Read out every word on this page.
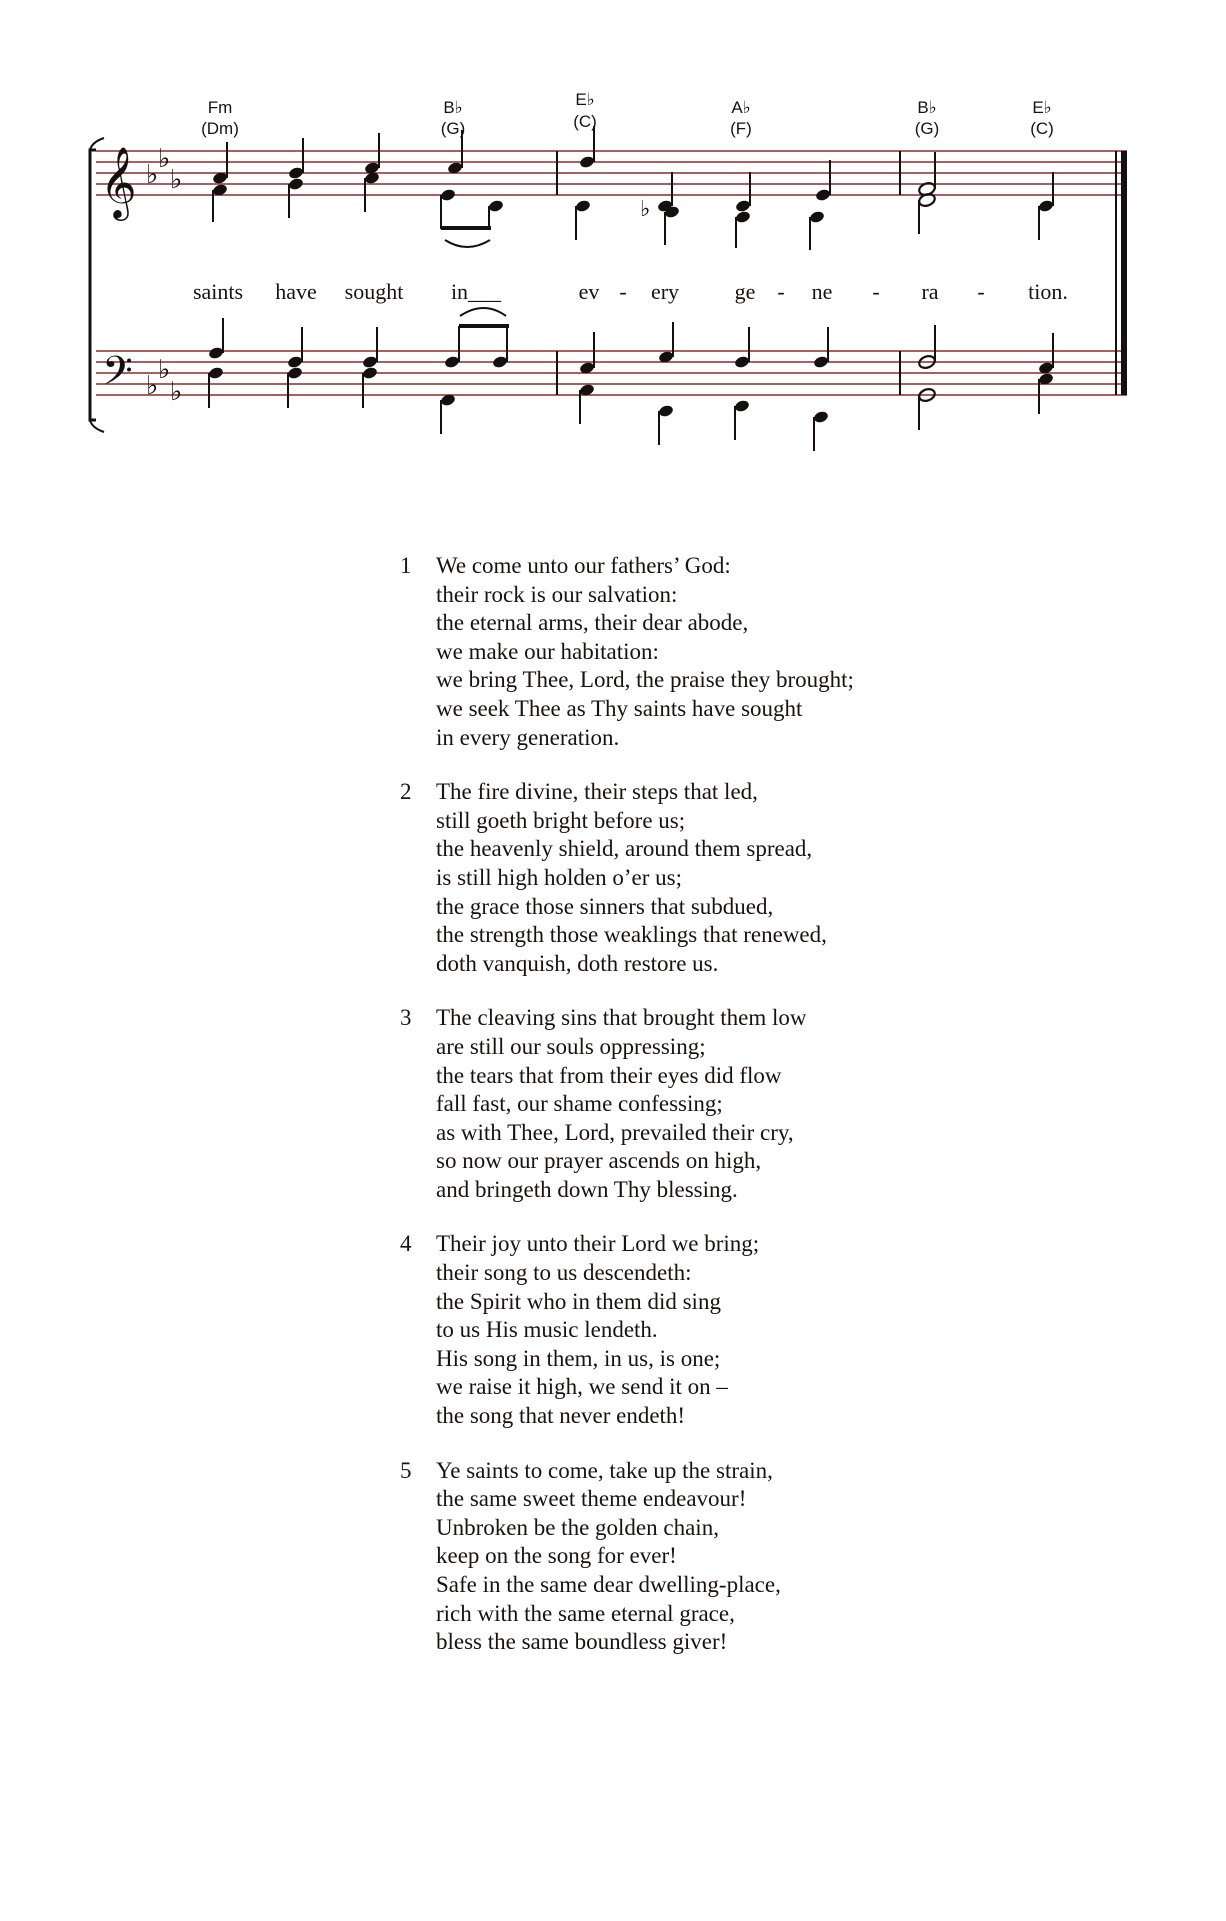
Fm
(Dm)
B♭
(G)
E♭
(C)
A♭
(F)
B♭
(G)
E♭
(C)
𝄞
𝄢
♭
♭
♭
♭
♭
♭
♭
saints have sought in___	ev - ery	ge - ne - ra - tion.
1 We come unto our fathers’ God:
their rock is our salvation:
the eternal arms, their dear abode,
we make our habitation:
we bring Thee, Lord, the praise they brought;
we seek Thee as Thy saints have sought
in every generation.
2 The fire divine, their steps that led,
still goeth bright before us;
the heavenly shield, around them spread,
is still high holden o’er us;
the grace those sinners that subdued,
the strength those weaklings that renewed,
doth vanquish, doth restore us.
3 The cleaving sins that brought them low
are still our souls oppressing;
the tears that from their eyes did flow
fall fast, our shame confessing;
as with Thee, Lord, prevailed their cry,
so now our prayer ascends on high,
and bringeth down Thy blessing.
4 Their joy unto their Lord we bring;
their song to us descendeth:
the Spirit who in them did sing
to us His music lendeth.
His song in them, in us, is one;
we raise it high, we send it on –
the song that never endeth!
5 Ye saints to come, take up the strain,
the same sweet theme endeavour!
Unbroken be the golden chain,
keep on the song for ever!
Safe in the same dear dwelling-place,
rich with the same eternal grace,
bless the same boundless giver!
